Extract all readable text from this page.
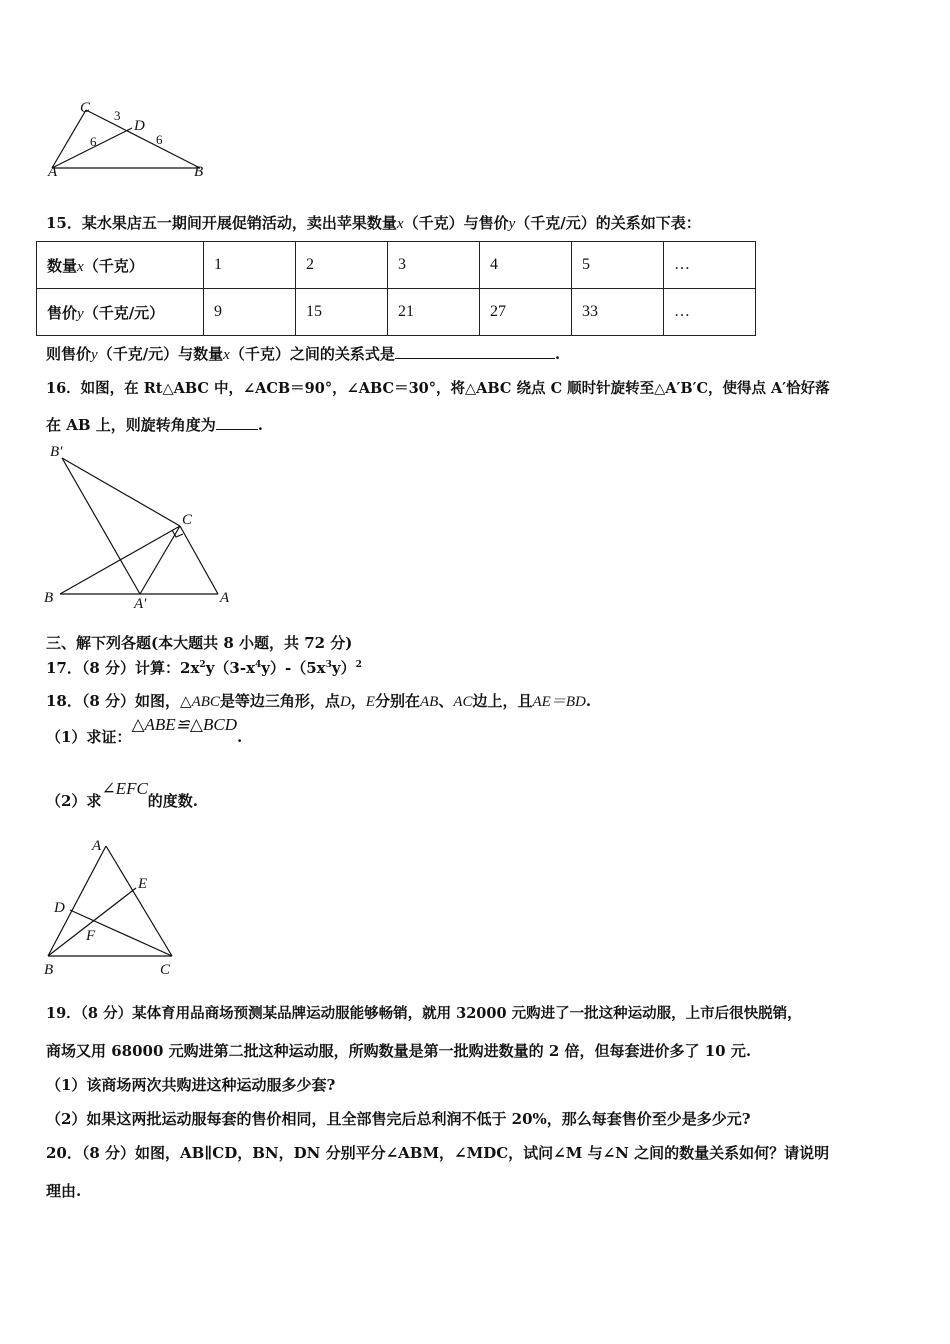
C
D
A	B
3
6	6
15．某水果店五一期间开展促销活动，卖出苹果数量x（千克）与售价y（千克/元）的关系如下表：
数量x（千克）	1	2	3	4	5	…
售价y（千克/元）	9	15	21	27	33	…
则售价y（千克/元）与数量x（千克）之间的关系式是	.
16．如图，在 Rt△ABC 中，∠ACB＝90°，∠ABC＝30°，将△ABC 绕点 C 顺时针旋转至△A′B′C，使得点 A′恰好落
在 AB 上，则旋转角度为	.
B′
C
B	A′	A
三、解下列各题(本大题共 8 小题，共 72 分)
17．（8 分）计算：$2x^2y(3-x^4y)-(5x^3y)^2$
18．（8 分）如图，△ABC是等边三角形，点D，E分别在AB、AC边上，且AE＝BD.
（1）求证：△ABE≌△BCD.
（2）求∠EFC的度数.
A
E
D
F
B	C
19．（8 分）某体育用品商场预测某品牌运动服能够畅销，就用 32000 元购进了一批这种运动服，上市后很快脱销，
商场又用 68000 元购进第二批这种运动服，所购数量是第一批购进数量的 2 倍，但每套进价多了 10 元.
（1）该商场两次共购进这种运动服多少套?
（2）如果这两批运动服每套的售价相同，且全部售完后总利润不低于 20%，那么每套售价至少是多少元?
20．（8 分）如图，AB∥CD，BN，DN 分别平分∠ABM，∠MDC，试问∠M 与∠N 之间的数量关系如何？请说明
理由.
